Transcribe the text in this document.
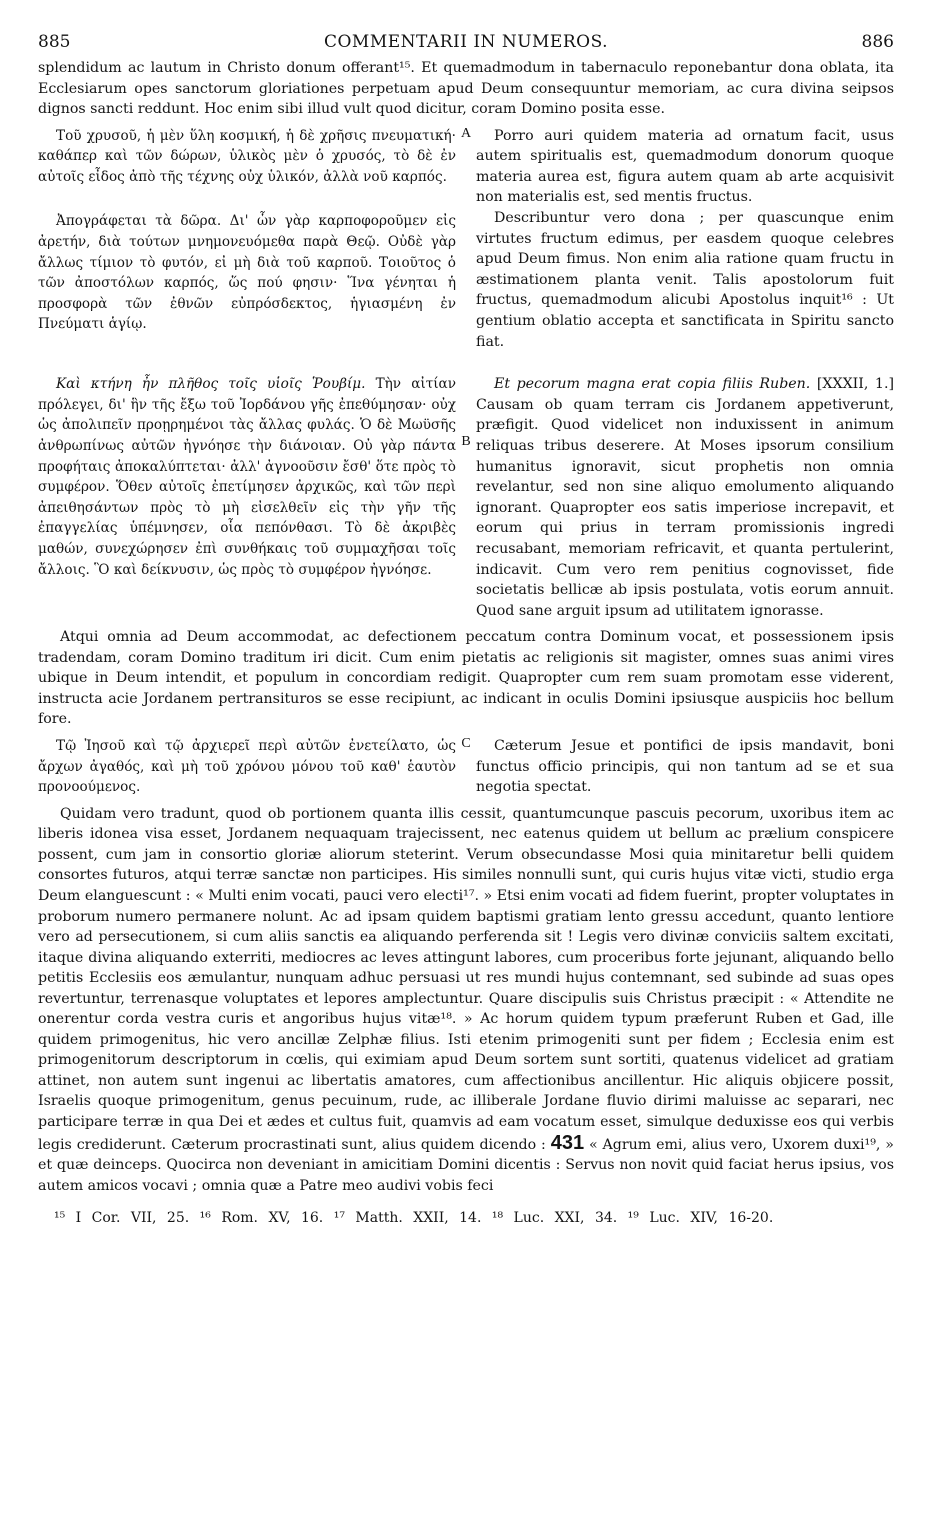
885	COMMENTARII IN NUMEROS.	886

splendidum ac lautum in Christo donum offerant¹⁵. Et quemadmodum in tabernaculo reponebantur dona oblata, ita Ecclesiarum opes sanctorum gloriationes perpetuam apud Deum consequuntur memoriam, ac cura divina seipsos dignos sancti reddunt. Hoc enim sibi illud vult quod dicitur, coram Domino posita esse.

A

Τοῦ χρυσοῦ, ἡ μὲν ὕλη κοσμική, ἡ δὲ χρῆσις πνευματική· καθάπερ καὶ τῶν δώρων, ὑλικὸς μὲν ὁ χρυσός, τὸ δὲ ἐν αὐτοῖς εἶδος ἀπὸ τῆς τέχνης οὐχ ὑλικόν, ἀλλὰ νοῦ καρπός.

Ἀπογράφεται τὰ δῶρα. Δι' ὧν γὰρ καρποφοροῦμεν εἰς ἀρετήν, διὰ τούτων μνημονευόμεθα παρὰ Θεῷ. Οὐδὲ γὰρ ἄλλως τίμιον τὸ φυτόν, εἰ μὴ διὰ τοῦ καρποῦ. Τοιοῦτος ὁ τῶν ἀποστόλων καρπός, ὥς πού φησιν· Ἵνα γένηται ἡ προσφορὰ τῶν ἐθνῶν εὐπρόσδεκτος, ἡγιασμένη ἐν Πνεύματι ἁγίῳ.

Porro auri quidem materia ad ornatum facit, usus autem spiritualis est, quemadmodum donorum quoque materia aurea est, figura autem quam ab arte acquisivit non materialis est, sed mentis fructus.

Describuntur vero dona ; per quascunque enim virtutes fructum edimus, per easdem quoque celebres apud Deum fimus. Non enim alia ratione quam fructu in æstimationem planta venit. Talis apostolorum fuit fructus, quemadmodum alicubi Apostolus inquit¹⁶ : Ut gentium oblatio accepta et sanctificata in Spiritu sancto fiat.

B

Καὶ κτήνη ἦν πλῆθος τοῖς υἱοῖς Ῥουβίμ. Τὴν αἰτίαν πρόλεγει, δι' ἣν τῆς ἔξω τοῦ Ἰορδάνου γῆς ἐπεθύμησαν· οὐχ ὡς ἀπολιπεῖν προῃρημένοι τὰς ἄλλας φυλάς. Ὁ δὲ Μωϋσῆς ἀνθρωπίνως αὐτῶν ἠγνόησε τὴν διάνοιαν. Οὐ γὰρ πάντα προφήταις ἀποκαλύπτεται· ἀλλ' ἀγνοοῦσιν ἔσθ' ὅτε πρὸς τὸ συμφέρον. Ὅθεν αὐτοῖς ἐπετίμησεν ἀρχικῶς, καὶ τῶν περὶ ἀπειθησάντων πρὸς τὸ μὴ εἰσελθεῖν εἰς τὴν γῆν τῆς ἐπαγγελίας ὑπέμνησεν, οἷα πεπόνθασι. Τὸ δὲ ἀκριβὲς μαθών, συνεχώρησεν ἐπὶ συνθήκαις τοῦ συμμαχῆσαι τοῖς ἄλλοις. Ὃ καὶ δείκνυσιν, ὡς πρὸς τὸ συμφέρον ἠγνόησε.

Et pecorum magna erat copia filiis Ruben. [XXXII, 1.] Causam ob quam terram cis Jordanem appetiverunt, præfigit. Quod videlicet non induxissent in animum reliquas tribus deserere. At Moses ipsorum consilium humanitus ignoravit, sicut prophetis non omnia revelantur, sed non sine aliquo emolumento aliquando ignorant. Quapropter eos satis imperiose increpavit, et eorum qui prius in terram promissionis ingredi recusabant, memoriam refricavit, et quanta pertulerint, indicavit. Cum vero rem penitius cognovisset, fide societatis bellicæ ab ipsis postulata, votis eorum annuit. Quod sane arguit ipsum ad utilitatem ignorasse.

Atqui omnia ad Deum accommodat, ac defectionem peccatum contra Dominum vocat, et possessionem ipsis tradendam, coram Domino traditum iri dicit. Cum enim pietatis ac religionis sit magister, omnes suas animi vires ubique in Deum intendit, et populum in concordiam redigit. Quapropter cum rem suam promotam esse viderent, instructa acie Jordanem pertransituros se esse recipiunt, ac indicant in oculis Domini ipsiusque auspiciis hoc bellum fore.

C

Τῷ Ἰησοῦ καὶ τῷ ἀρχιερεῖ περὶ αὐτῶν ἐνετείλατο, ὡς ἄρχων ἀγαθός, καὶ μὴ τοῦ χρόνου μόνου τοῦ καθ' ἑαυτὸν προνοούμενος.

Cæterum Jesue et pontifici de ipsis mandavit, boni functus officio principis, qui non tantum ad se et sua negotia spectat.

Quidam vero tradunt, quod ob portionem quanta illis cessit, quantumcunque pascuis pecorum, uxoribus item ac liberis idonea visa esset, Jordanem nequaquam trajecissent, nec eatenus quidem ut bellum ac prælium conspicere possent, cum jam in consortio gloriæ aliorum steterint. Verum obsecundasse Mosi quia minitaretur belli quidem consortes futuros, atqui terræ sanctæ non participes. His similes nonnulli sunt, qui curis hujus vitæ victi, studio erga Deum elanguescunt : « Multi enim vocati, pauci vero electi¹⁷. » Etsi enim vocati ad fidem fuerint, propter voluptates in proborum numero permanere nolunt. Ac ad ipsam quidem baptismi gratiam lento gressu accedunt, quanto lentiore vero ad persecutionem, si cum aliis sanctis ea aliquando perferenda sit ! Legis vero divinæ conviciis saltem excitati, itaque divina aliquando exterriti, mediocres ac leves attingunt labores, cum proceribus forte jejunant, aliquando bello petitis Ecclesiis eos æmulantur, nunquam adhuc persuasi ut res mundi hujus contemnant, sed subinde ad suas opes revertuntur, terrenasque voluptates et lepores amplectuntur. Quare discipulis suis Christus præcipit : « Attendite ne onerentur corda vestra curis et angoribus hujus vitæ¹⁸. » Ac horum quidem typum præferunt Ruben et Gad, ille quidem primogenitus, hic vero ancillæ Zelphæ filius. Isti etenim primogeniti sunt per fidem ; Ecclesia enim est primogenitorum descriptorum in cœlis, qui eximiam apud Deum sortem sunt sortiti, quatenus videlicet ad gratiam attinet, non autem sunt ingenui ac libertatis amatores, cum affectionibus ancillentur. Hic aliquis objicere possit, Israelis quoque primogenitum, genus pecuinum, rude, ac illiberale Jordane fluvio dirimi maluisse ac separari, nec participare terræ in qua Dei et ædes et cultus fuit, quamvis ad eam vocatum esset, simulque deduxisse eos qui verbis legis crediderunt. Cæterum procrastinati sunt, alius quidem dicendo : 431 « Agrum emi, alius vero, Uxorem duxi¹⁹, » et quæ deinceps. Quocirca non deveniant in amicitiam Domini dicentis : Servus non novit quid faciat herus ipsius, vos autem amicos vocavi ; omnia quæ a Patre meo audivi vobis feci

¹⁵ I Cor. VII, 25. ¹⁶ Rom. XV, 16. ¹⁷ Matth. XXII, 14. ¹⁸ Luc. XXI, 34. ¹⁹ Luc. XIV, 16-20.
